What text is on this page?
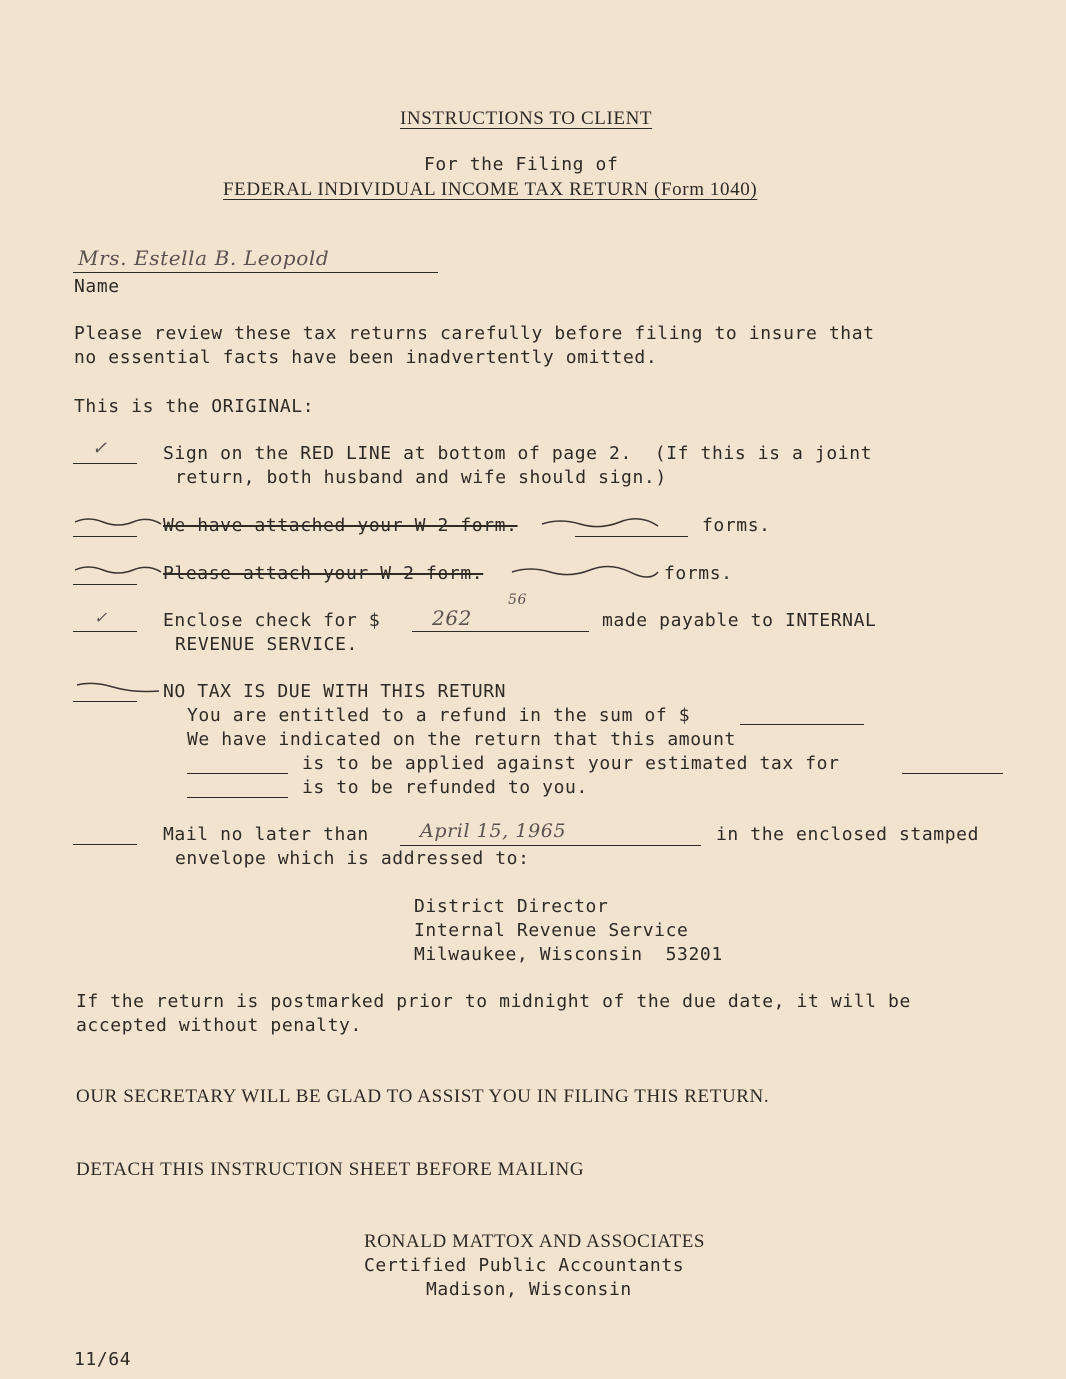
INSTRUCTIONS TO CLIENT
For the Filing of
FEDERAL INDIVIDUAL INCOME TAX RETURN (Form 1040)
Mrs. Estella B. Leopold
Name
Please review these tax returns carefully before filing to insure that
no essential facts have been inadvertently omitted.
This is the ORIGINAL:
✓	Sign on the RED LINE at bottom of page 2.  (If this is a joint
return, both husband and wife should sign.)
We have attached your W-2 form.	forms.
Please attach your W-2 form.	forms.
✓	Enclose check for $	262
56
made payable to INTERNAL
REVENUE SERVICE.
NO TAX IS DUE WITH THIS RETURN
You are entitled to a refund in the sum of $
We have indicated on the return that this amount
is to be applied against your estimated tax for
is to be refunded to you.
Mail no later than	April 15, 1965	in the enclosed stamped
envelope which is addressed to:
District Director
Internal Revenue Service
Milwaukee, Wisconsin  53201
If the return is postmarked prior to midnight of the due date, it will be
accepted without penalty.
OUR SECRETARY WILL BE GLAD TO ASSIST YOU IN FILING THIS RETURN.
DETACH THIS INSTRUCTION SHEET BEFORE MAILING
RONALD MATTOX AND ASSOCIATES
Certified Public Accountants
Madison, Wisconsin
11/64
